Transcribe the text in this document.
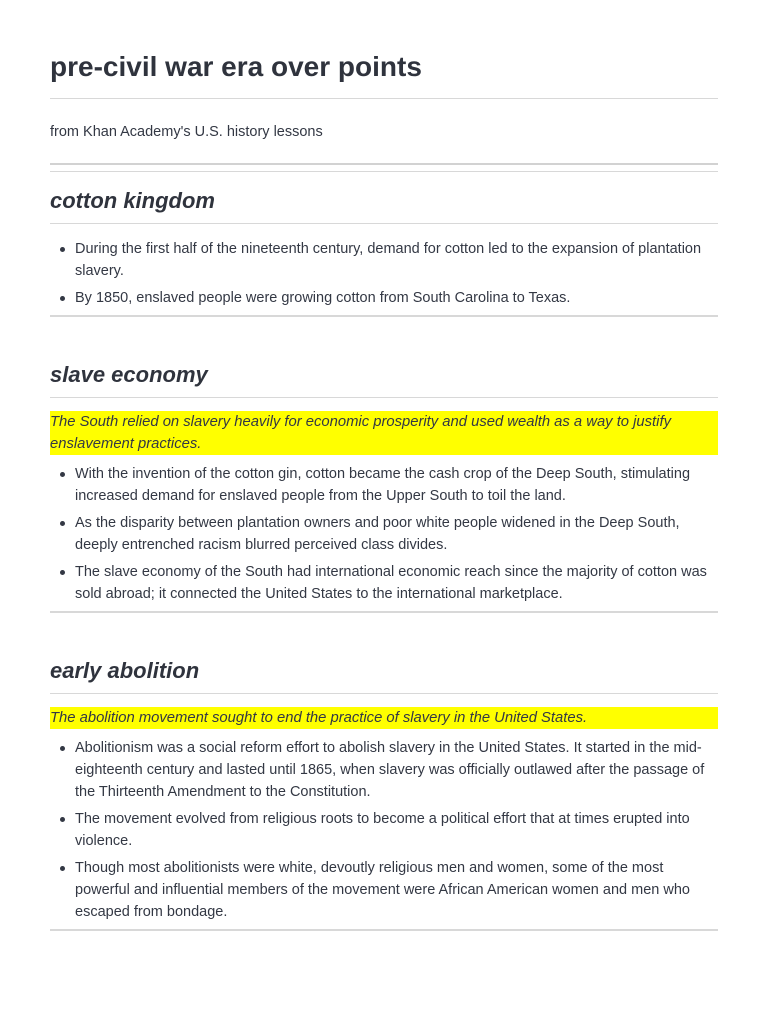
pre-civil war era over points

from Khan Academy's U.S. history lessons

cotton kingdom
During the first half of the nineteenth century, demand for cotton led to the expansion of plantation slavery.
By 1850, enslaved people were growing cotton from South Carolina to Texas.
slave economy

The South relied on slavery heavily for economic prosperity and used wealth as a way to justify enslavement practices.

With the invention of the cotton gin, cotton became the cash crop of the Deep South, stimulating increased demand for enslaved people from the Upper South to toil the land.
As the disparity between plantation owners and poor white people widened in the Deep South, deeply entrenched racism blurred perceived class divides.
The slave economy of the South had international economic reach since the majority of cotton was sold abroad; it connected the United States to the international marketplace.
early abolition

The abolition movement sought to end the practice of slavery in the United States.

Abolitionism was a social reform effort to abolish slavery in the United States. It started in the mid-eighteenth century and lasted until 1865, when slavery was officially outlawed after the passage of the Thirteenth Amendment to the Constitution.
The movement evolved from religious roots to become a political effort that at times erupted into violence.
Though most abolitionists were white, devoutly religious men and women, some of the most powerful and influential members of the movement were African American women and men who escaped from bondage.
